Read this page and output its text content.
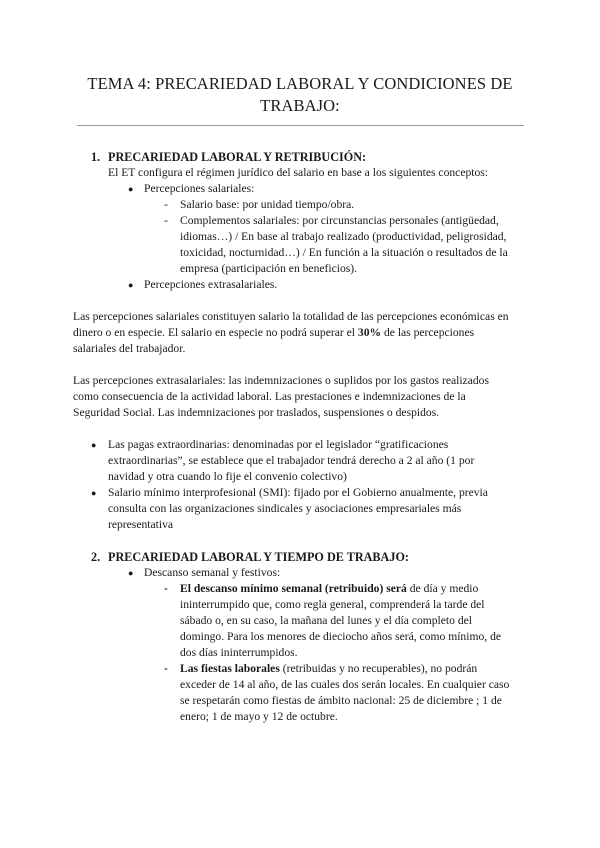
TEMA 4: PRECARIEDAD LABORAL Y CONDICIONES DE
TRABAJO:
1. PRECARIEDAD LABORAL Y RETRIBUCIÓN:
El ET configura el régimen jurídico del salario en base a los siguientes conceptos:
● Percepciones salariales:
- Salario base: por unidad tiempo/obra.
- Complementos salariales: por circunstancias personales (antigüedad,
idiomas…) / En base al trabajo realizado (productividad, peligrosidad,
toxicidad, nocturnidad…) / En función a la situación o resultados de la
empresa (participación en beneficios).
● Percepciones extrasalariales.
Las percepciones salariales constituyen salario la totalidad de las percepciones económicas en
dinero o en especie. El salario en especie no podrá superar el 30% de las percepciones
salariales del trabajador.
Las percepciones extrasalariales: las indemnizaciones o suplidos por los gastos realizados
como consecuencia de la actividad laboral. Las prestaciones e indemnizaciones de la
Seguridad Social. Las indemnizaciones por traslados, suspensiones o despidos.
● Las pagas extraordinarias: denominadas por el legislador “gratificaciones
extraordinarias”, se establece que el trabajador tendrá derecho a 2 al año (1 por
navidad y otra cuando lo fije el convenio colectivo)
● Salario mínimo interprofesional (SMI): fijado por el Gobierno anualmente, previa
consulta con las organizaciones sindicales y asociaciones empresariales más
representativa
2. PRECARIEDAD LABORAL Y TIEMPO DE TRABAJO:
● Descanso semanal y festivos:
- El descanso mínimo semanal (retribuido) será de día y medio
ininterrumpido que, como regla general, comprenderá la tarde del
sábado o, en su caso, la mañana del lunes y el día completo del
domingo. Para los menores de dieciocho años será, como mínimo, de
dos días ininterrumpidos.
- Las fiestas laborales (retribuidas y no recuperables), no podrán
exceder de 14 al año, de las cuales dos serán locales. En cualquier caso
se respetarán como fiestas de ámbito nacional: 25 de diciembre ; 1 de
enero; 1 de mayo y 12 de octubre.
